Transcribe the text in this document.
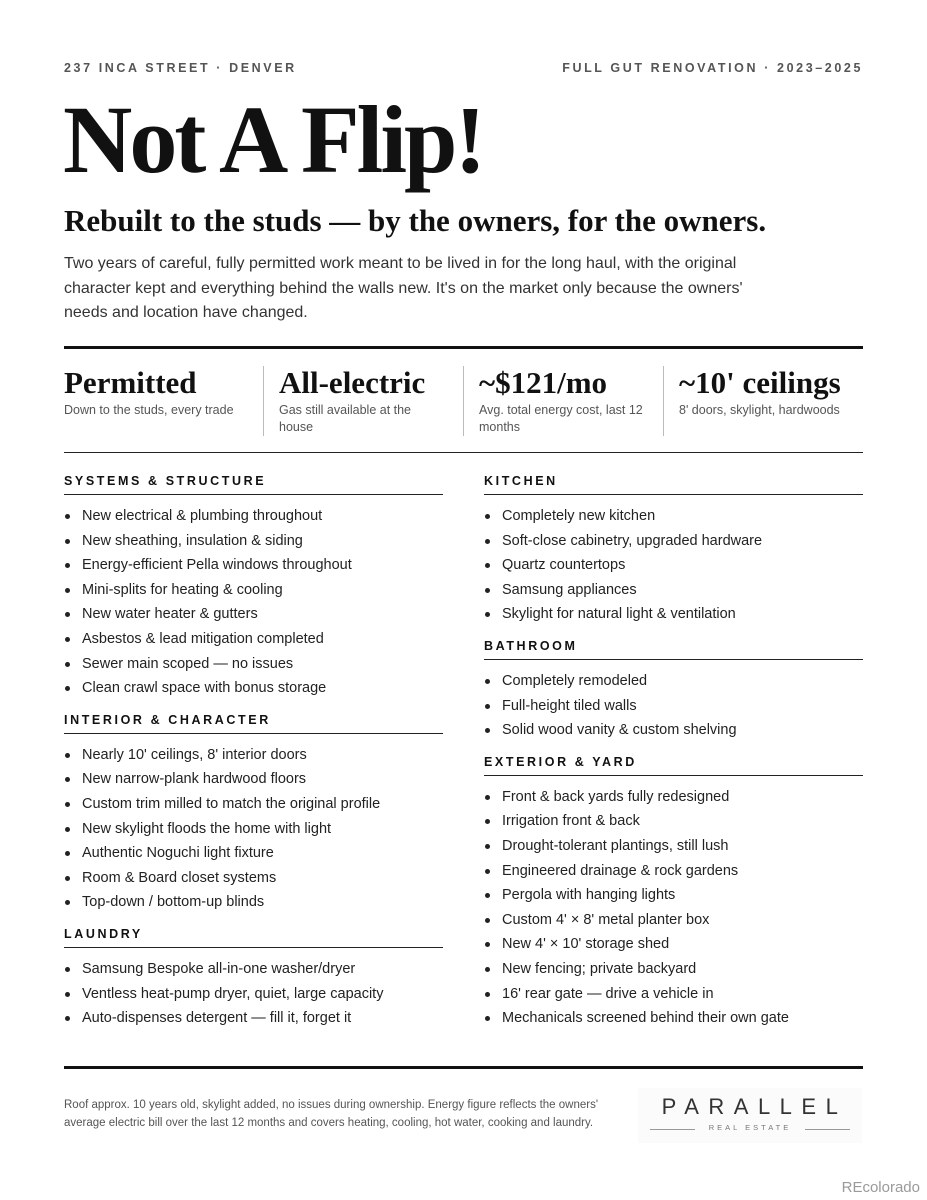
237 INCA STREET · DENVER	FULL GUT RENOVATION · 2023–2025
Not A Flip!
Rebuilt to the studs — by the owners, for the owners.

Two years of careful, fully permitted work meant to be lived in for the long haul, with the original character kept and everything behind the walls new. It's on the market only because the owners' needs and location have changed.

Permitted
Down to the studs, every trade
All-electric
Gas still available at the house
~$121/mo
Avg. total energy cost, last 12 months
~10' ceilings
8' doors, skylight, hardwoods
SYSTEMS & STRUCTURE
New electrical & plumbing throughout
New sheathing, insulation & siding
Energy-efficient Pella windows throughout
Mini-splits for heating & cooling
New water heater & gutters
Asbestos & lead mitigation completed
Sewer main scoped — no issues
Clean crawl space with bonus storage
INTERIOR & CHARACTER
Nearly 10' ceilings, 8' interior doors
New narrow-plank hardwood floors
Custom trim milled to match the original profile
New skylight floods the home with light
Authentic Noguchi light fixture
Room & Board closet systems
Top-down / bottom-up blinds
LAUNDRY
Samsung Bespoke all-in-one washer/dryer
Ventless heat-pump dryer, quiet, large capacity
Auto-dispenses detergent — fill it, forget it
KITCHEN
Completely new kitchen
Soft-close cabinetry, upgraded hardware
Quartz countertops
Samsung appliances
Skylight for natural light & ventilation
BATHROOM
Completely remodeled
Full-height tiled walls
Solid wood vanity & custom shelving
EXTERIOR & YARD
Front & back yards fully redesigned
Irrigation front & back
Drought-tolerant plantings, still lush
Engineered drainage & rock gardens
Pergola with hanging lights
Custom 4' × 8' metal planter box
New 4' × 10' storage shed
New fencing; private backyard
16' rear gate — drive a vehicle in
Mechanicals screened behind their own gate

Roof approx. 10 years old, skylight added, no issues during ownership. Energy figure reflects the owners' average electric bill over the last 12 months and covers heating, cooling, hot water, cooking and laundry.

PARALLEL
REAL ESTATE
REcolorado
